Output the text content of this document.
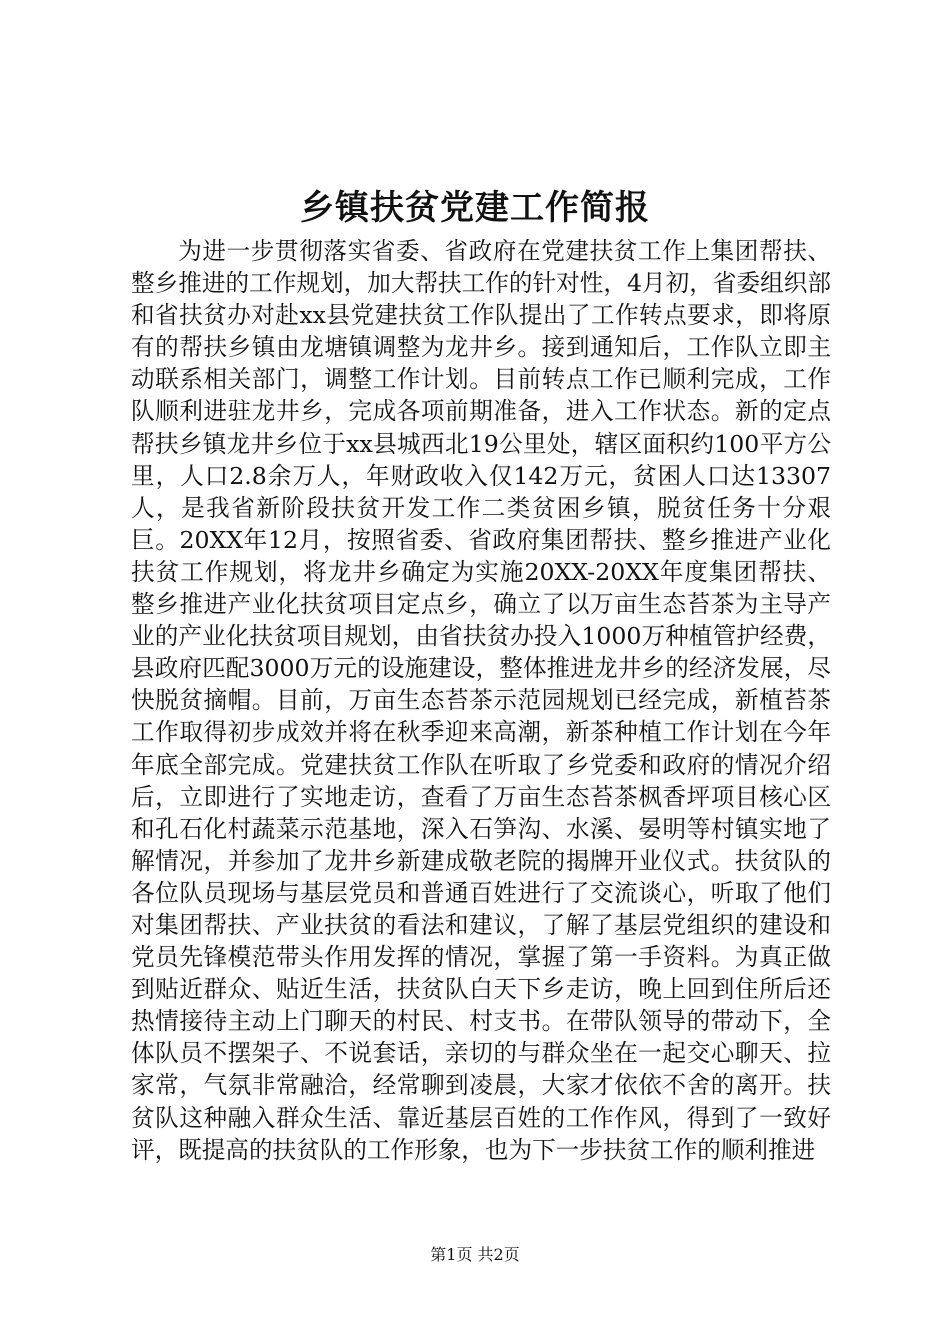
乡镇扶贫党建工作简报

为进一步贯彻落实省委、省政府在党建扶贫工作上集团帮扶、整乡推进的工作规划，加大帮扶工作的针对性，4月初，省委组织部和省扶贫办对赴xx县党建扶贫工作队提出了工作转点要求，即将原有的帮扶乡镇由龙塘镇调整为龙井乡。接到通知后，工作队立即主动联系相关部门，调整工作计划。目前转点工作已顺利完成，工作队顺利进驻龙井乡，完成各项前期准备，进入工作状态。新的定点帮扶乡镇龙井乡位于xx县城西北19公里处，辖区面积约100平方公里，人口2.8余万人，年财政收入仅142万元，贫困人口达13307人，是我省新阶段扶贫开发工作二类贫困乡镇，脱贫任务十分艰巨。20XX年12月，按照省委、省政府集团帮扶、整乡推进产业化扶贫工作规划，将龙井乡确定为实施20XX-20XX年度集团帮扶、整乡推进产业化扶贫项目定点乡，确立了以万亩生态苔茶为主导产业的产业化扶贫项目规划，由省扶贫办投入1000万种植管护经费，县政府匹配3000万元的设施建设，整体推进龙井乡的经济发展，尽快脱贫摘帽。目前，万亩生态苔茶示范园规划已经完成，新植苔茶工作取得初步成效并将在秋季迎来高潮，新茶种植工作计划在今年年底全部完成。党建扶贫工作队在听取了乡党委和政府的情况介绍后，立即进行了实地走访，查看了万亩生态苔茶枫香坪项目核心区和孔石化村蔬菜示范基地，深入石笋沟、水溪、晏明等村镇实地了解情况，并参加了龙井乡新建成敬老院的揭牌开业仪式。扶贫队的各位队员现场与基层党员和普通百姓进行了交流谈心，听取了他们对集团帮扶、产业扶贫的看法和建议，了解了基层党组织的建设和党员先锋模范带头作用发挥的情况，掌握了第一手资料。为真正做到贴近群众、贴近生活，扶贫队白天下乡走访，晚上回到住所后还热情接待主动上门聊天的村民、村支书。在带队领导的带动下，全体队员不摆架子、不说套话，亲切的与群众坐在一起交心聊天、拉家常，气氛非常融洽，经常聊到凌晨，大家才依依不舍的离开。扶贫队这种融入群众生活、靠近基层百姓的工作作风，得到了一致好评，既提高的扶贫队的工作形象，也为下一步扶贫工作的顺利推进

第1页 共2页
